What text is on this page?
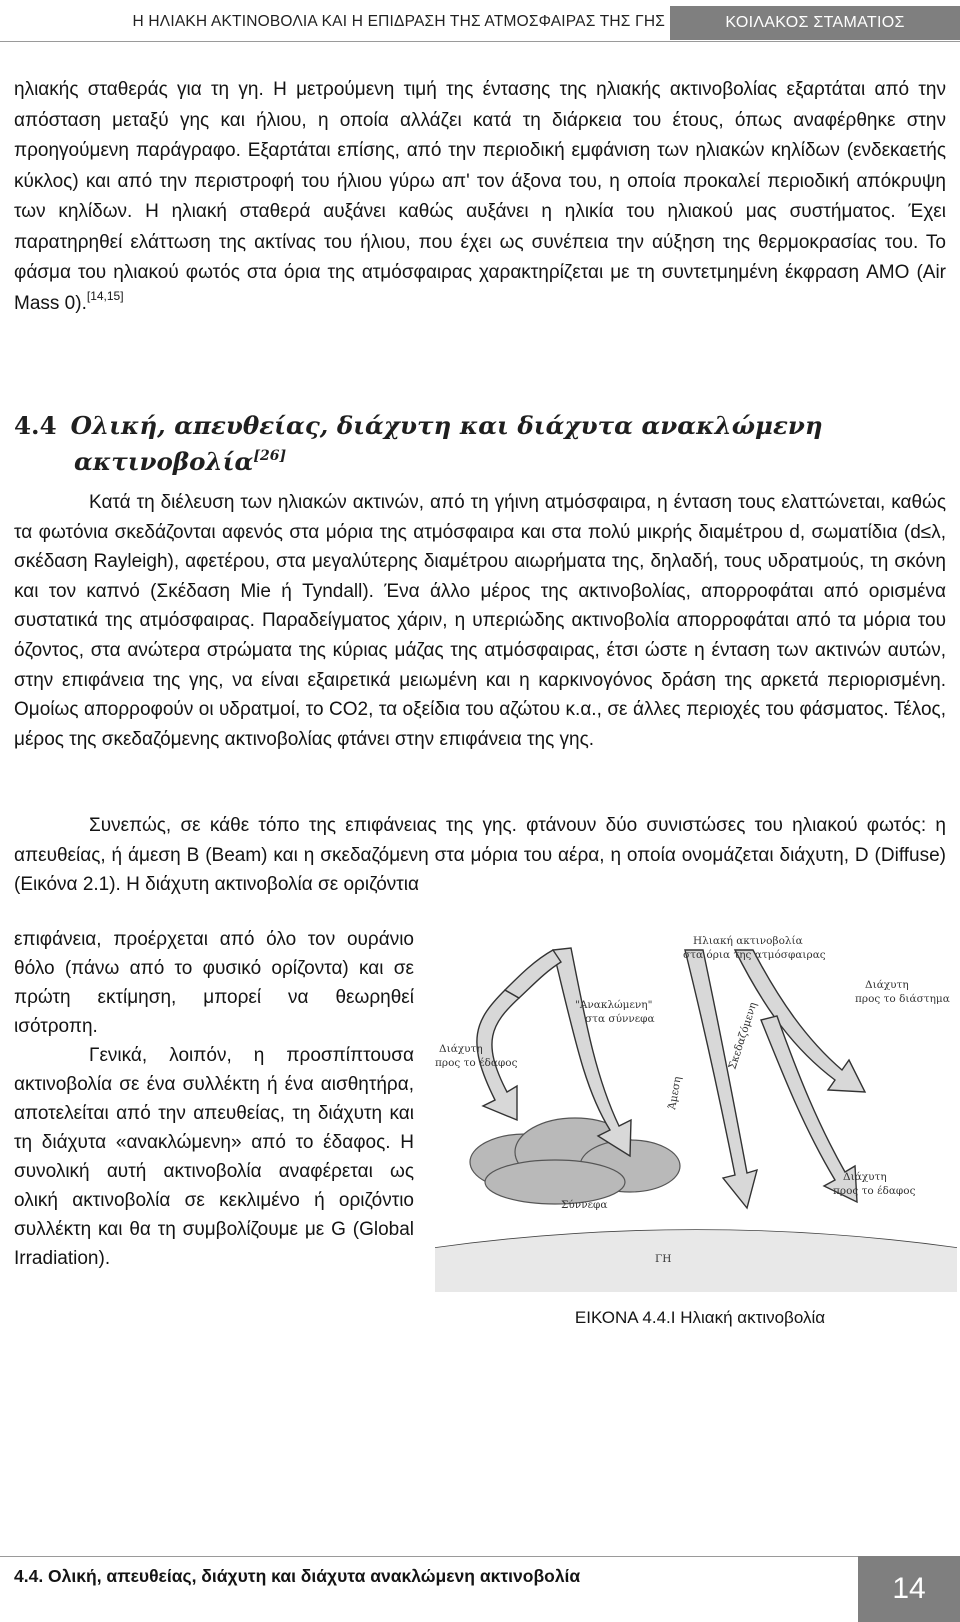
Η ΗΛΙΑΚΗ ΑΚΤΙΝΟΒΟΛΙΑ ΚΑΙ Η ΕΠΙΔΡΑΣΗ ΤΗΣ ΑΤΜΟΣΦΑΙΡΑΣ ΤΗΣ ΓΗΣ	ΚΟΙΛΑΚΟΣ ΣΤΑΜΑΤΙΟΣ

ηλιακής σταθεράς για τη γη. Η μετρούμενη τιμή της έντασης της ηλιακής ακτινοβολίας εξαρτάται από την απόσταση μεταξύ γης και ήλιου, η οποία αλλάζει κατά τη διάρκεια του έτους, όπως αναφέρθηκε στην προηγούμενη παράγραφο. Εξαρτάται επίσης, από την περιοδική εμφάνιση των ηλιακών κηλίδων (ενδεκαετής κύκλος) και από την περιστροφή του ήλιου γύρω απ' τον άξονα του, η οποία προκαλεί περιοδική απόκρυψη των κηλίδων. Η ηλιακή σταθερά αυξάνει καθώς αυξάνει η ηλικία του ηλιακού μας συστήματος. Έχει παρατηρηθεί ελάττωση της ακτίνας του ήλιου, που έχει ως συνέπεια την αύξηση της θερμοκρασίας του. Το φάσμα του ηλιακού φωτός στα όρια της ατμόσφαιρας χαρακτηρίζεται με τη συντετμημένη έκφραση AMO (Air Mass 0).[14,15]

4.4 Ολική, απευθείας, διάχυτη και διάχυτα ανακλώμενη
ακτινοβολία[26]

Κατά τη διέλευση των ηλιακών ακτινών, από τη γήινη ατμόσφαιρα, η ένταση τους ελαττώνεται, καθώς τα φωτόνια σκεδάζονται αφενός στα μόρια της ατμόσφαιρα και στα πολύ μικρής διαμέτρου d, σωματίδια (d≤λ, σκέδαση Rayleigh), αφετέρου, στα μεγαλύτερης διαμέτρου αιωρήματα της, δηλαδή, τους υδρατμούς, τη σκόνη και τον καπνό (Σκέδαση Mie ή Tyndall). Ένα άλλο μέρος της ακτινοβολίας, απορροφάται από ορισμένα συστατικά της ατμόσφαιρας. Παραδείγματος χάριν, η υπεριώδης ακτινοβολία απορροφάται από τα μόρια του όζοντος, στα ανώτερα στρώματα της κύριας μάζας της ατμόσφαιρας, έτσι ώστε η ένταση των ακτινών αυτών, στην επιφάνεια της γης, να είναι εξαιρετικά μειωμένη και η καρκινογόνος δράση της αρκετά περιορισμένη. Ομοίως απορροφούν οι υδρατμοί, το CO2, τα οξείδια του αζώτου κ.α., σε άλλες περιοχές του φάσματος. Τέλος, μέρος της σκεδαζόμενης ακτινοβολίας φτάνει στην επιφάνεια της γης.

Συνεπώς, σε κάθε τόπο της επιφάνειας της γης. φτάνουν δύο συνιστώσες του ηλιακού φωτός: η απευθείας, ή άμεση B (Beam) και η σκεδαζόμενη στα μόρια του αέρα, η οποία ονομάζεται διάχυτη, D (Diffuse) (Εικόνα 2.1). Η διάχυτη ακτινοβολία σε οριζόντια

επιφάνεια, προέρχεται από όλο τον ουράνιο θόλο (πάνω από το φυσικό ορίζοντα) και σε πρώτη εκτίμηση, μπορεί να θεωρηθεί ισότροπη.

Γενικά, λοιπόν, η προσπίπτουσα ακτινοβολία σε ένα συλλέκτη ή ένα αισθητήρα, αποτελείται από την απευθείας, τη διάχυτη και τη διάχυτα «ανακλώμενη» από το έδαφος. Η συνολική αυτή ακτινοβολία αναφέρεται ως ολική ακτινοβολία σε κεκλιμένο ή οριζόντιο συλλέκτη και θα τη συμβολίζουμε με G (Global Irradiation).

Ηλιακή ακτινοβολία
στα όρια της ατμόσφαιρας
"Ανακλώμενη"
στα σύννεφα	Σκεδαζόμενη
Άμεση
Διάχυτη
προς το διάστημα
Διάχυτη
προς το έδαφος
Διάχυτη
προς το έδαφος
Σύννεφα
ΓΗ
ΕΙΚΟΝΑ 4.4.Ι Ηλιακή ακτινοβολία
4.4. Ολική, απευθείας, διάχυτη και διάχυτα ανακλώμενη ακτινοβολία	14
